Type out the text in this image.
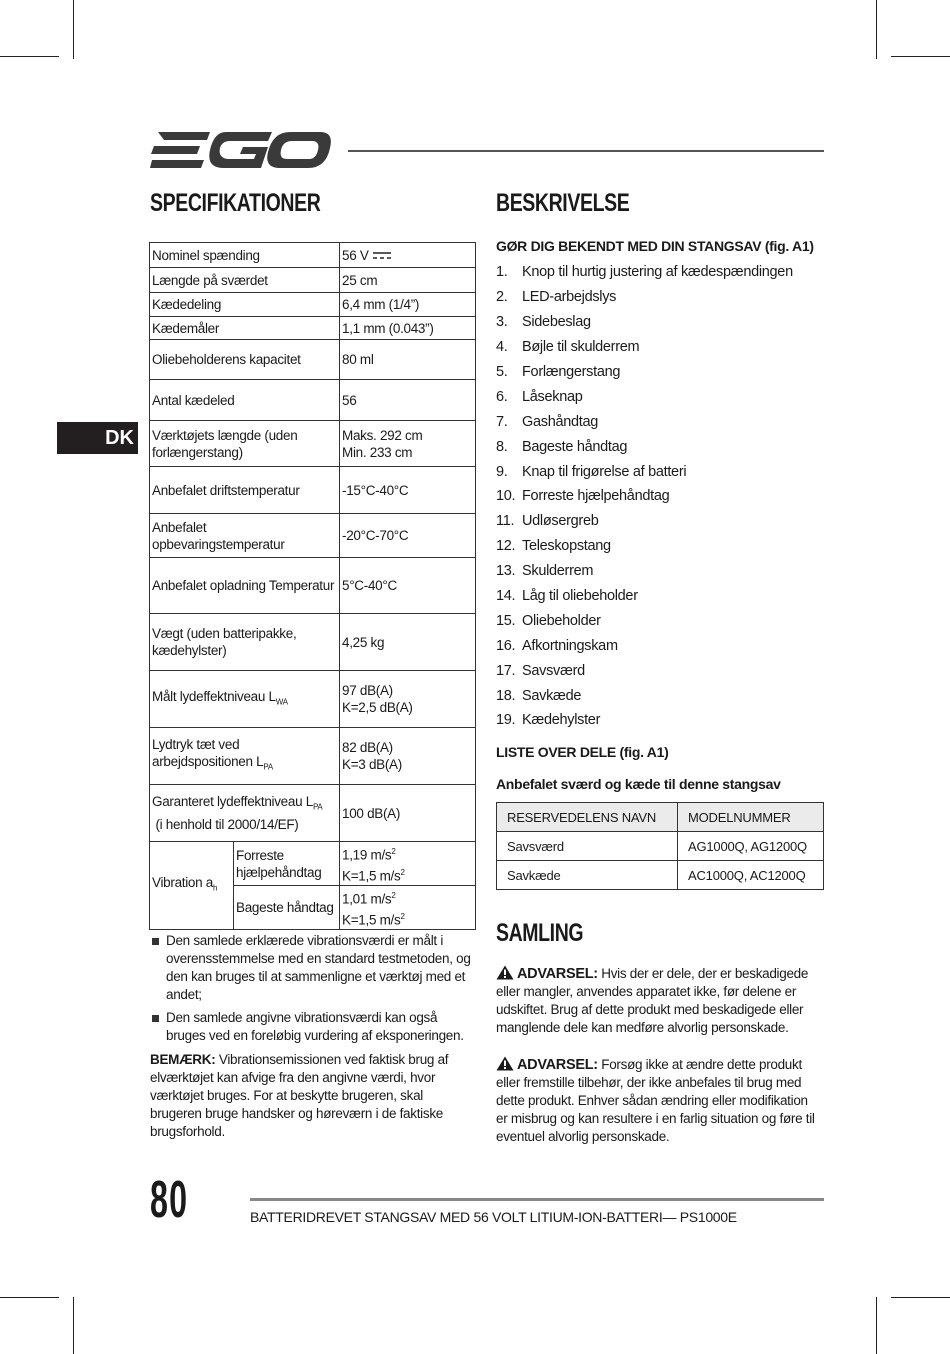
DK
SPECIFIKATIONER
Nominel spænding		56 V
Længde på sværdet		25 cm
Kædedeling		6,4 mm (1/4”)
Kædemåler		1,1 mm (0.043”)
Oliebeholderens kapacitet		80 ml
Antal kædeled		56
Værktøjets længde (uden forlængerstang)		Maks. 292 cm
Min. 233 cm

Anbefalet driftstemperatur		-15°C-40°C
Anbefalet opbevaringstemperatur		-20°C-70°C
Anbefalet opladning Temperatur		5°C-40°C
Vægt (uden batteripakke, kædehylster)		4,25 kg
Målt lydeffektniveau $L_{WA}$		97 dB(A)
K=2,5 dB(A)

Lydtryk tæt ved arbejdspositionen $L_{PA}$		82 dB(A)
K=3 dB(A)

Garanteret lydeffektniveau $L_{PA}$
(i henhold til 2000/14/EF)		100 dB(A)
Vibration $a_h$	Forreste hjælpehåndtag	1,19 $m/s^2$
K=1,5 $m/s^2$

	Bageste håndtag	1,01 $m/s^2$
K=1,5 $m/s^2$
Den samlede erklærede vibrationsværdi er målt i overensstemmelse med en standard testmetoden, og den kan bruges til at sammenligne et værktøj med et andet;
Den samlede angivne vibrationsværdi kan også bruges ved en foreløbig vurdering af eksponeringen.

BEMÆRK: Vibrationsemissionen ved faktisk brug af elværktøjet kan afvige fra den angivne værdi, hvor værktøjet bruges. For at beskytte brugeren, skal brugeren bruge handsker og høreværn i de faktiske brugsforhold.

BESKRIVELSE
GØR DIG BEKENDT MED DIN STANGSAV (fig. A1)
1.	Knop til hurtig justering af kædespændingen
2.	LED-arbejdslys
3.	Sidebeslag
4.	Bøjle til skulderrem
5.	Forlængerstang
6.	Låseknap
7.	Gashåndtag
8.	Bageste håndtag
9.	Knap til frigørelse af batteri
10. Forreste hjælpehåndtag
11. Udløsergreb
12. Teleskopstang
13. Skulderrem
14. Låg til oliebeholder
15. Oliebeholder
16. Afkortningskam
17. Savsværd
18. Savkæde
19. Kædehylster
LISTE OVER DELE (fig. A1)
Anbefalet sværd og kæde til denne stangsav
RESERVEDELENS NAVN	MODELNUMMER
Savsværd	AG1000Q, AG1200Q
Savkæde	AC1000Q, AC1200Q
SAMLING

ADVARSEL: Hvis der er dele, der er beskadigede eller mangler, anvendes apparatet ikke, før delene er udskiftet. Brug af dette produkt med beskadigede eller manglende dele kan medføre alvorlig personskade.

ADVARSEL: Forsøg ikke at ændre dette produkt eller fremstille tilbehør, der ikke anbefales til brug med dette produkt. Enhver sådan ændring eller modifikation er misbrug og kan resultere i en farlig situation og føre til eventuel alvorlig personskade.

80	BATTERIDREVET STANGSAV MED 56 VOLT LITIUM-ION-BATTERI— PS1000E
